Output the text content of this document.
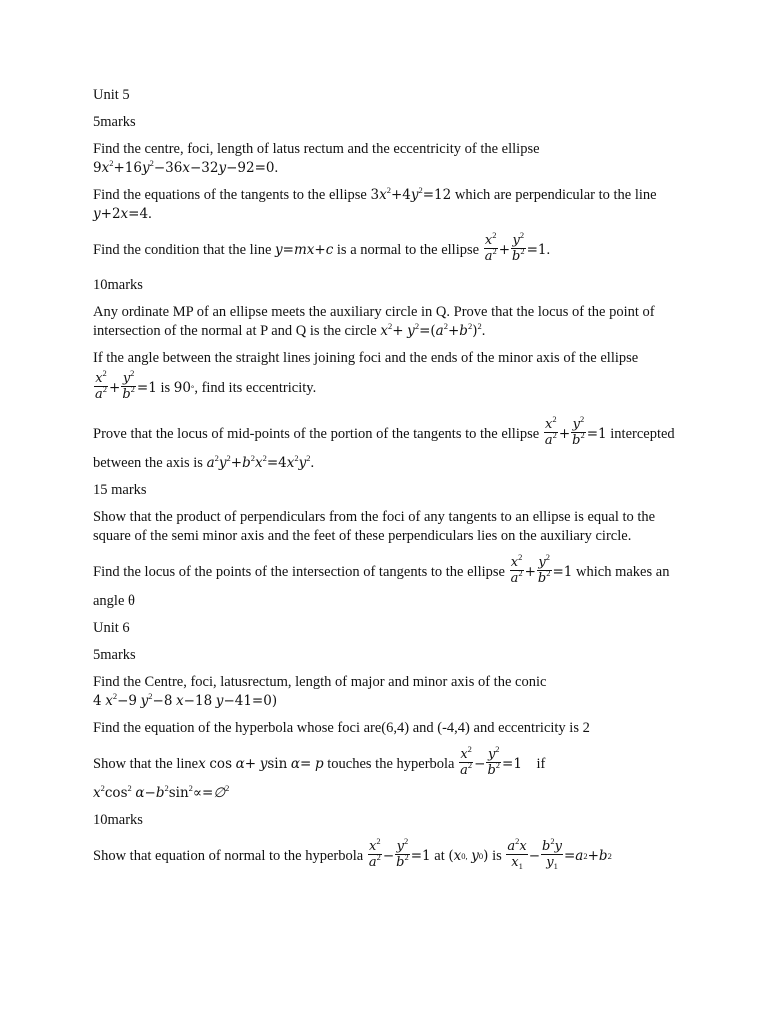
Unit 5

5marks

Find the centre, foci, length of latus rectum and the eccentricity of the ellipse

$9x^2+16y^2-36x-32y-92=0$.

Find the equations of the tangents to the ellipse $3x^2+4y^2=12$ which are perpendicular to the line

y+2x=4.

Find the condition that the line
y = mx + c
is a normal to the ellipse
$\frac{x^2}{a^2} + \frac{y^2}{b^2} =1$ .

10marks

Any ordinate MP of an ellipse meets the auxiliary circle in Q. Prove that the locus of the point of

intersection of the normal at P and Q is the circle $x^2+ y^2=(a^2+b^2)^2$.

If the angle between the straight lines joining foci and the ends of the minor axis of the ellipse

$\frac{x^2}{a^2} + \frac{y^2}{b^2} =1$
is
90 ° , find its eccentricity.
Prove that the locus of mid-points of the portion of the tangents to the ellipse
$\frac{x^2}{a^2} + \frac{y^2}{b^2} =1$
intercepted

between the axis is $a^2y^2+b^2x^2=4x^2y^2$.

15 marks

Show that the product of perpendiculars from the foci of any tangents to an ellipse is equal to the square of the semi minor axis and the feet of these perpendiculars lies on the auxiliary circle.

Find the locus of the points of the intersection of tangents to the ellipse
$\frac{x^2}{a^2} + \frac{y^2}{b^2} =1$
which makes an

angle θ

Unit 6

5marks

Find the Centre, foci, latusrectum, length of major and minor axis of the conic

4 $x^2-9$ $y^2-8$ x−18 y−41=0)

Find the equation of the hyperbola whose foci are(6,4) and (-4,4) and eccentricity is 2

Show that the line x
cos
α +
y sin
α =
p
touches the hyperbola
$\frac{x^2}{a^2} - \frac{y^2}{b^2} =1$
if

$x^2\cos^2$ $\alpha-b^2\sin^2\propto=\emptyset^2$

10marks

Show that equation of normal to the hyperbola
$\frac{x^2}{a^2} - \frac{y^2}{b^2} =1$
at
( x 0,
y 0 )
is
$\frac{a^2x}{x_1} - \frac{b^2y}{y_1} = a$ 2 + b 2
